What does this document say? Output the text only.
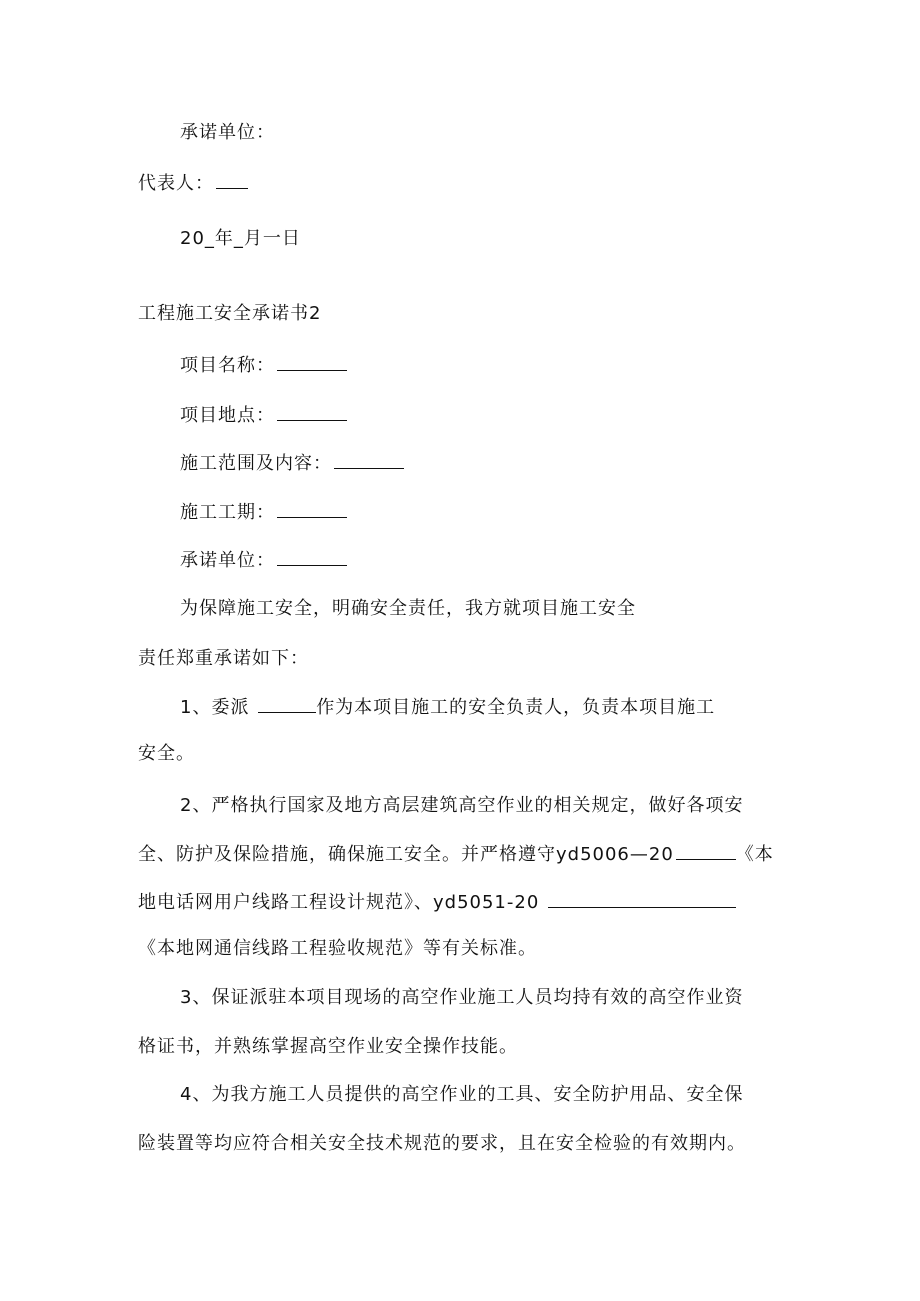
承诺单位：
代表人：
20_年_月一日
工程施工安全承诺书2
项目名称：
项目地点：
施工范围及内容：
施工工期：
承诺单位：
为保障施工安全，明确安全责任，我方就项目施工安全
责任郑重承诺如下：
1、委派	作为本项目施工的安全负责人，负责本项目施工
安全。
2、严格执行国家及地方高层建筑高空作业的相关规定，做好各项安
全、防护及保险措施，确保施工安全。并严格遵守yd5006—20	《本
地电话网用户线路工程设计规范》、yd5051-20
《本地网通信线路工程验收规范》等有关标准。
3、保证派驻本项目现场的高空作业施工人员均持有效的高空作业资
格证书，并熟练掌握高空作业安全操作技能。
4、为我方施工人员提供的高空作业的工具、安全防护用品、安全保
险装置等均应符合相关安全技术规范的要求，且在安全检验的有效期内。
